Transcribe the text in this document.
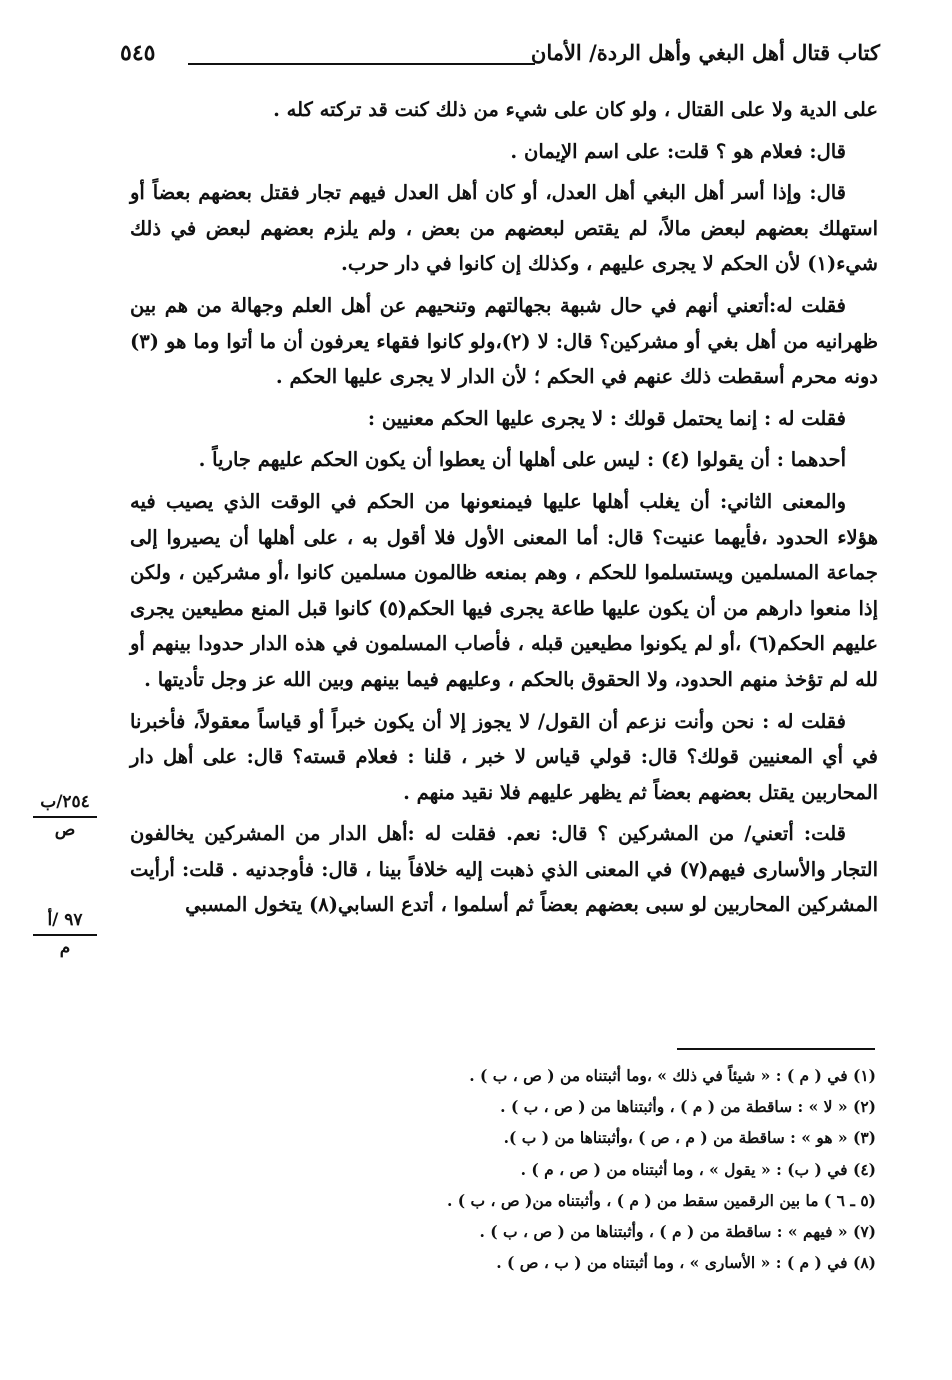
٥٤٥	كتاب قتال أهل البغي وأهل الردة/ الأمان

على الدية ولا على القتال ، ولو كان على شيء من ذلك كنت قد تركته كله .

قال: فعلام هو ؟ قلت: على اسم الإيمان .

قال: وإذا أسر أهل البغي أهل العدل، أو كان أهل العدل فيهم تجار فقتل بعضهم بعضاً أو استهلك بعضهم لبعض مالاً، لم يقتص لبعضهم من بعض ، ولم يلزم بعضهم لبعض في ذلك شيء(١) لأن الحكم لا يجرى عليهم ، وكذلك إن كانوا في دار حرب.

فقلت له:أتعني أنهم في حال شبهة بجهالتهم وتنحيهم عن أهل العلم وجهالة من هم بين ظهرانيه من أهل بغي أو مشركين؟ قال: لا (٢)،ولو كانوا فقهاء يعرفون أن ما أتوا وما هو (٣) دونه محرم أسقطت ذلك عنهم في الحكم ؛ لأن الدار لا يجرى عليها الحكم .

فقلت له : إنما يحتمل قولك : لا يجرى عليها الحكم معنيين :

أحدهما : أن يقولوا (٤) : ليس على أهلها أن يعطوا أن يكون الحكم عليهم جارياً .

والمعنى الثاني: أن يغلب أهلها عليها فيمنعونها من الحكم في الوقت الذي يصيب فيه هؤلاء الحدود ،فأيهما عنيت؟ قال: أما المعنى الأول فلا أقول به ، على أهلها أن يصيروا إلى جماعة المسلمين ويستسلموا للحكم ، وهم بمنعه ظالمون مسلمين كانوا ،أو مشركين ، ولكن إذا منعوا دارهم من أن يكون عليها طاعة يجرى فيها الحكم(٥) كانوا قبل المنع مطيعين يجرى عليهم الحكم(٦) ،أو لم يكونوا مطيعين قبله ، فأصاب المسلمون في هذه الدار حدودا بينهم أو لله لم تؤخذ منهم الحدود، ولا الحقوق بالحكم ، وعليهم فيما بينهم وبين الله عز وجل تأديتها .

فقلت له : نحن وأنت نزعم أن القول/ لا يجوز إلا أن يكون خبراً أو قياساً معقولاً، فأخبرنا في أي المعنيين قولك؟ قال: قولي قياس لا خبر ، قلنا : فعلام قسته؟ قال: على أهل دار المحاربين يقتل بعضهم بعضاً ثم يظهر عليهم فلا نقيد منهم .

قلت: أتعني/ من المشركين ؟ قال: نعم. فقلت له :أهل الدار من المشركين يخالفون التجار والأسارى فيهم(٧) في المعنى الذي ذهبت إليه خلافاً بينا ، قال: فأوجدنيه . قلت: أرأيت المشركين المحاربين لو سبى بعضهم بعضاً ثم أسلموا ، أتدع السابي(٨) يتخول المسبي

٢٥٤/ب
ص
٩٧ /أ
م
(١) في ( م ) : « شيئاً في ذلك » ،وما أثبتناه من ( ص ، ب ) .
(٢) « لا » : ساقطة من ( م ) ، وأثبتناها من ( ص ، ب ) .
(٣) « هو » : ساقطة من ( م ، ص ) ،وأثبتناها من ( ب ).
(٤) في ( ب) : « يقول » ، وما أثبتناه من ( ص ، م ) .
(٥ ـ ٦ ) ما بين الرقمين سقط من ( م ) ، وأثبتناه من( ص ، ب ) .
(٧) « فيهم » : ساقطة من ( م ) ، وأثبتناها من ( ص ، ب ) .
(٨) في ( م ) : « الأسارى » ، وما أثبتناه من ( ب ، ص ) .
